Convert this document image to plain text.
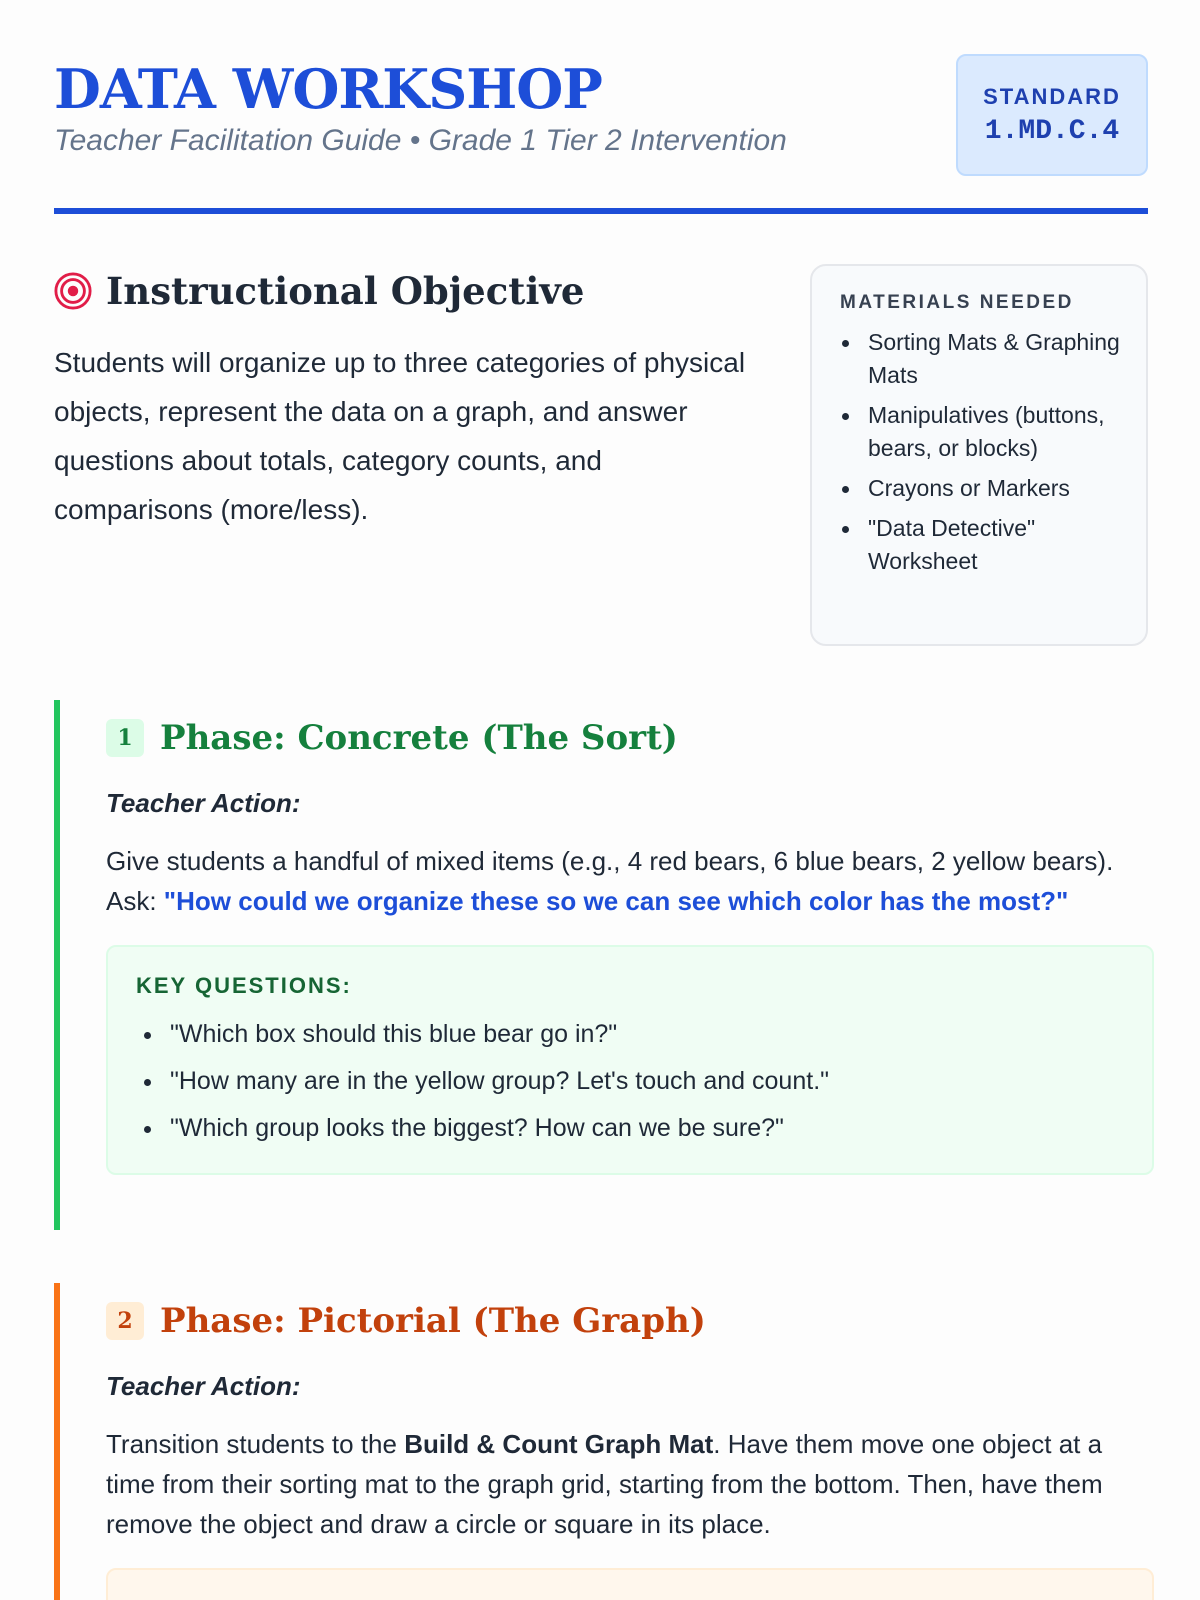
DATA WORKSHOP
Teacher Facilitation Guide • Grade 1 Tier 2 Intervention
STANDARD
1.MD.C.4
Instructional Objective

Students will organize up to three categories of physical objects, represent the data on a graph, and answer questions about totals, category counts, and comparisons (more/less).

MATERIALS NEEDED
Sorting Mats & Graphing Mats
Manipulatives (buttons, bears, or blocks)
Crayons or Markers
"Data Detective" Worksheet
1 Phase: Concrete (The Sort)
Teacher Action:

Give students a handful of mixed items (e.g., 4 red bears, 6 blue bears, 2 yellow bears). Ask: "How could we organize these so we can see which color has the most?"

KEY QUESTIONS:
"Which box should this blue bear go in?"
"How many are in the yellow group? Let's touch and count."
"Which group looks the biggest? How can we be sure?"
2 Phase: Pictorial (The Graph)
Teacher Action:

Transition students to the Build & Count Graph Mat. Have them move one object at a time from their sorting mat to the graph grid, starting from the bottom. Then, have them remove the object and draw a circle or square in its place.
